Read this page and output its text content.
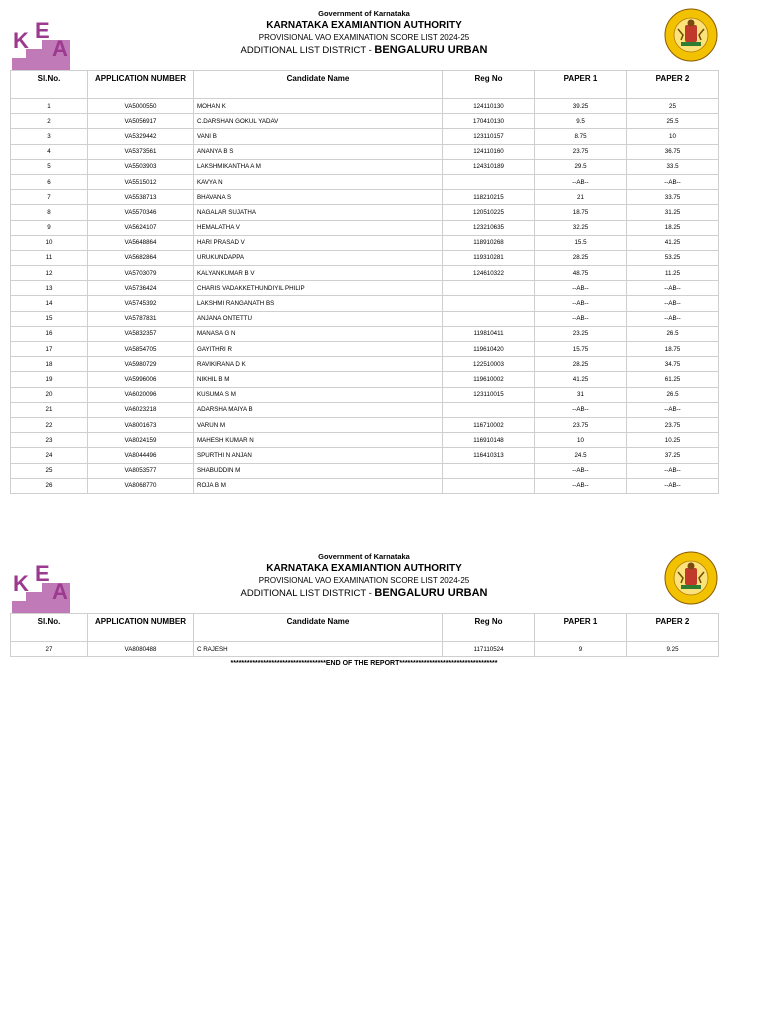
K E
A
Government of Karnataka
KARNATAKA EXAMIANTION AUTHORITY
PROVISIONAL VAO EXAMINATION SCORE LIST 2024-25
ADDITIONAL LIST DISTRICT - BENGALURU URBAN
Sl.No.	APPLICATION NUMBER	Candidate Name	Reg No	PAPER 1	PAPER 2
1	VA5000550	MOHAN K	124110130	39.25	25
2	VA5056917	C.DARSHAN GOKUL YADAV	170410130	9.5	25.5
3	VA5329442	VANI B	123110157	8.75	10
4	VA5373561	ANANYA B S	124110160	23.75	36.75
5	VA5503903	LAKSHMIKANTHA A M	124310189	29.5	33.5
6	VA5515012	KAVYA N		--AB--	--AB--
7	VA5538713	BHAVANA S	118210215	21	33.75
8	VA5570346	NAGALAR SUJATHA	120510225	18.75	31.25
9	VA5624107	HEMALATHA V	123210635	32.25	18.25
10	VA5648864	HARI PRASAD V	118910268	15.5	41.25
11	VA5682864	URUKUNDAPPA	119310281	28.25	53.25
12	VA5703079	KALYANKUMAR B V	124610322	48.75	11.25
13	VA5736424	CHARIS VADAKKETHUNDIYIL PHILIP		--AB--	--AB--
14	VA5745392	LAKSHMI RANGANATH BS		--AB--	--AB--
15	VA5787831	ANJANA ONTETTU		--AB--	--AB--
16	VA5832357	MANASA G N	119810411	23.25	26.5
17	VA5854705	GAYITHRI R	119610420	15.75	18.75
18	VA5980729	RAVIKIRANA D K	122510003	28.25	34.75
19	VA5996006	NIKHIL B M	119610002	41.25	61.25
20	VA6020096	KUSUMA S M	123110015	31	26.5
21	VA6023218	ADARSHA MAIYA B		--AB--	--AB--
22	VA8001673	VARUN M	116710002	23.75	23.75
23	VA8024159	MAHESH KUMAR N	116910148	10	10.25
24	VA8044496	SPURTHI N ANJAN	116410313	24.5	37.25
25	VA8053577	SHABUDDIN M		--AB--	--AB--
26	VA8068770	ROJA B M		--AB--	--AB--
K E
A
Government of Karnataka
KARNATAKA EXAMIANTION AUTHORITY
PROVISIONAL VAO EXAMINATION SCORE LIST 2024-25
ADDITIONAL LIST DISTRICT - BENGALURU URBAN
Sl.No.	APPLICATION NUMBER	Candidate Name	Reg No	PAPER 1	PAPER 2
27	VA8080488	C RAJESH	117110524	9	9.25
***********************************END OF THE REPORT************************************
